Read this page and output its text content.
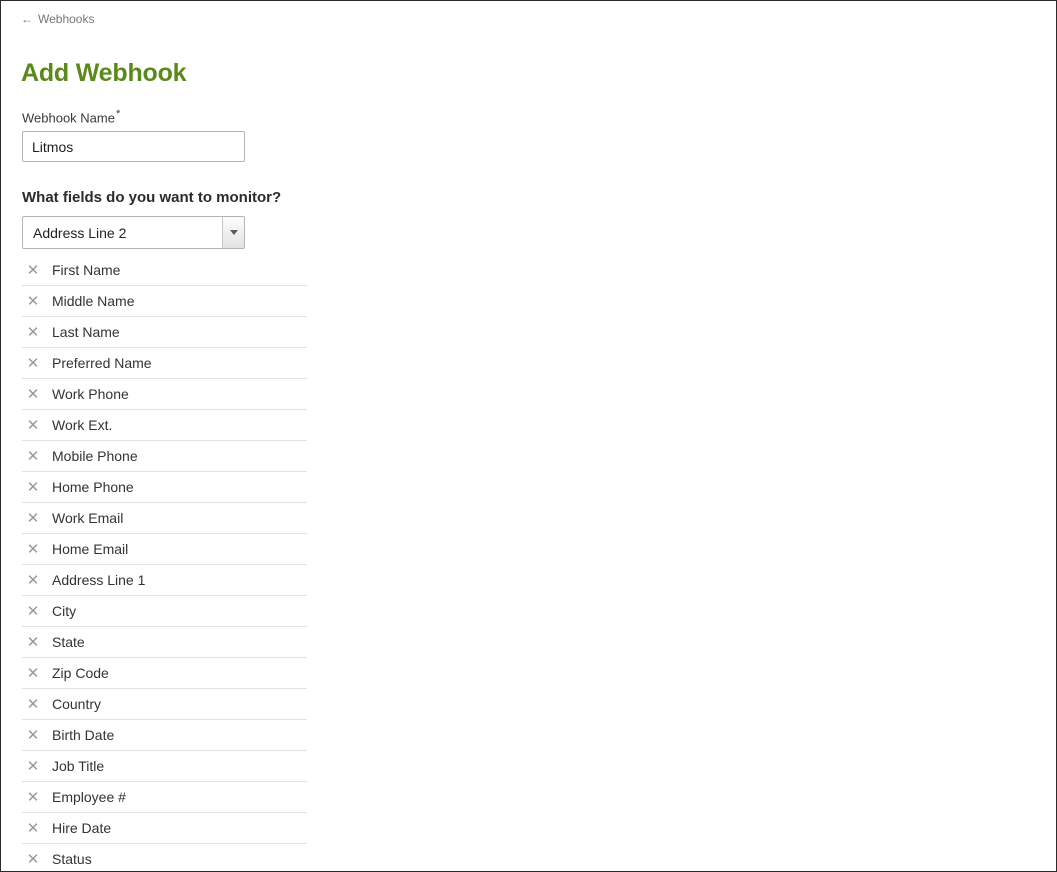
← Webhooks
Add Webhook
Webhook Name*
Litmos
What fields do you want to monitor?
Address Line 2
✕ First Name
✕ Middle Name
✕ Last Name
✕ Preferred Name
✕ Work Phone
✕ Work Ext.
✕ Mobile Phone
✕ Home Phone
✕ Work Email
✕ Home Email
✕ Address Line 1
✕ City
✕ State
✕ Zip Code
✕ Country
✕ Birth Date
✕ Job Title
✕ Employee #
✕ Hire Date
✕ Status
